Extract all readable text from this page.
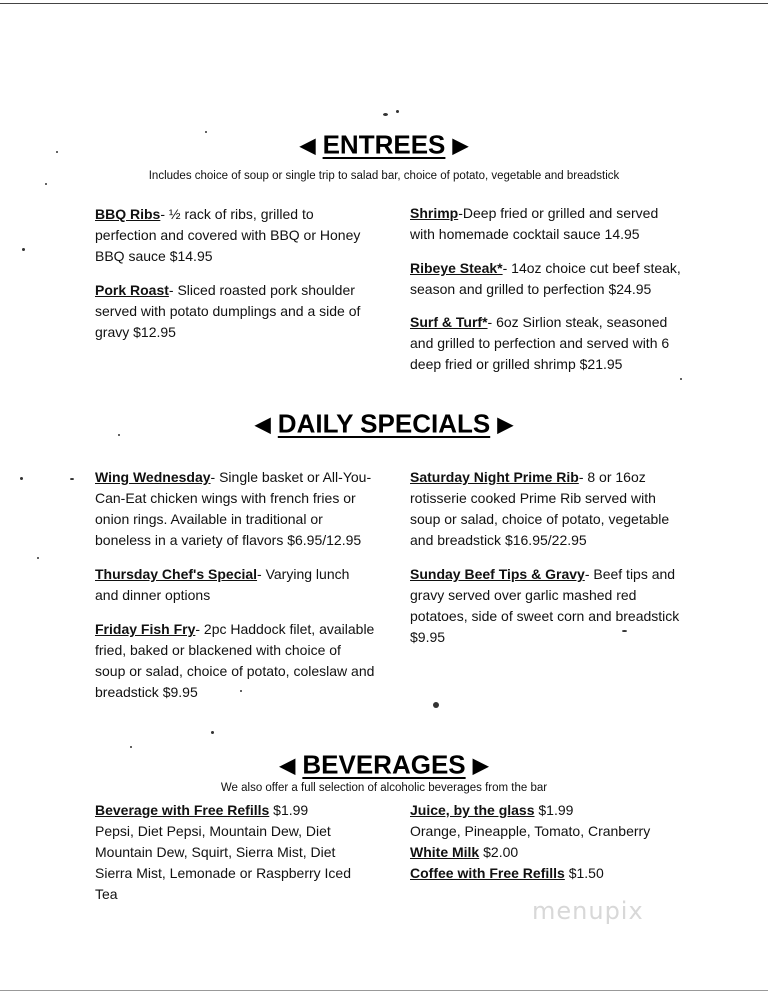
◀ ENTREES ▶
Includes choice of soup or single trip to salad bar, choice of potato, vegetable and breadstick
BBQ Ribs- ½ rack of ribs, grilled to perfection and covered with BBQ or Honey BBQ sauce $14.95
Pork Roast- Sliced roasted pork shoulder served with potato dumplings and a side of gravy $12.95
Shrimp-Deep fried or grilled and served with homemade cocktail sauce 14.95
Ribeye Steak*- 14oz choice cut beef steak, season and grilled to perfection $24.95
Surf & Turf*- 6oz Sirlion steak, seasoned and grilled to perfection and served with 6 deep fried or grilled shrimp $21.95
◀ DAILY SPECIALS ▶
Wing Wednesday- Single basket or All-You-Can-Eat chicken wings with french fries or onion rings. Available in traditional or boneless in a variety of flavors $6.95/12.95
Thursday Chef's Special- Varying lunch and dinner options
Friday Fish Fry- 2pc Haddock filet, available fried, baked or blackened with choice of soup or salad, choice of potato, coleslaw and breadstick $9.95
Saturday Night Prime Rib- 8 or 16oz rotisserie cooked Prime Rib served with soup or salad, choice of potato, vegetable and breadstick $16.95/22.95
Sunday Beef Tips & Gravy- Beef tips and gravy served over garlic mashed red potatoes, side of sweet corn and breadstick $9.95
◀ BEVERAGES ▶
We also offer a full selection of alcoholic beverages from the bar
Beverage with Free Refills $1.99
Pepsi, Diet Pepsi, Mountain Dew, Diet Mountain Dew, Squirt, Sierra Mist, Diet Sierra Mist, Lemonade or Raspberry Iced Tea
Juice, by the glass $1.99
Orange, Pineapple, Tomato, Cranberry
White Milk $2.00
Coffee with Free Refills $1.50
menupix
